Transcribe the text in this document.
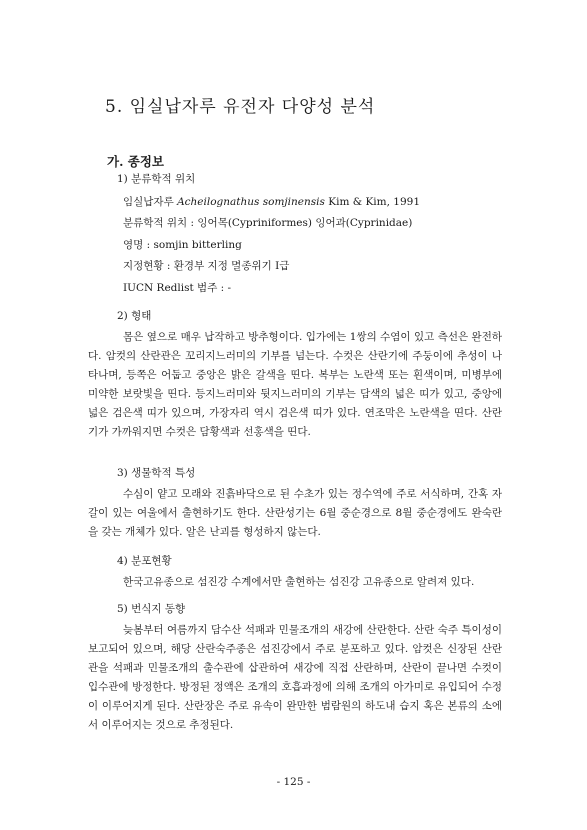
5. 임실납자루 유전자 다양성 분석
가. 종정보

1) 분류학적 위치

임실납자루 Acheilognathus somjinensis Kim & Kim, 1991

분류학적 위치 : 잉어목(Cypriniformes) 잉어과(Cyprinidae)

영명 : somjin bitterling

지정현황 : 환경부 지정 멸종위기 I급

IUCN Redlist 범주 : -

2) 형태

몸은 옆으로 매우 납작하고 방추형이다. 입가에는 1쌍의 수염이 있고 측선은 완전하다. 암컷의 산란관은 꼬리지느러미의 기부를 넘는다. 수컷은 산란기에 주둥이에 추성이 나타나며, 등쪽은 어둡고 중앙은 밝은 갈색을 띤다. 복부는 노란색 또는 흰색이며, 미병부에 미약한 보랏빛을 띤다. 등지느러미와 뒷지느러미의 기부는 담색의 넓은 띠가 있고, 중앙에 넓은 검은색 띠가 있으며, 가장자리 역시 검은색 띠가 있다. 연조막은 노란색을 띤다. 산란기가 가까워지면 수컷은 담황색과 선홍색을 띤다.

3) 생물학적 특성

수심이 얕고 모래와 진흙바닥으로 된 수초가 있는 정수역에 주로 서식하며, 간혹 자갈이 있는 여울에서 출현하기도 한다. 산란성기는 6월 중순경으로 8월 중순경에도 완숙란을 갖는 개체가 있다. 알은 난괴를 형성하지 않는다.

4) 분포현황

한국고유종으로 섬진강 수계에서만 출현하는 섬진강 고유종으로 알려져 있다.

5) 번식지 동향

늦봄부터 여름까지 담수산 석패과 민물조개의 새강에 산란한다. 산란 숙주 특이성이 보고되어 있으며, 해당 산란숙주종은 섬진강에서 주로 분포하고 있다. 암컷은 신장된 산란관을 석패과 민물조개의 출수관에 삽관하여 새강에 직접 산란하며, 산란이 끝나면 수컷이 입수관에 방정한다. 방정된 정액은 조개의 호흡과정에 의해 조개의 아가미로 유입되어 수정이 이루어지게 된다. 산란장은 주로 유속이 완만한 범람원의 하도내 습지 혹은 본류의 소에서 이루어지는 것으로 추정된다.

- 125 -
